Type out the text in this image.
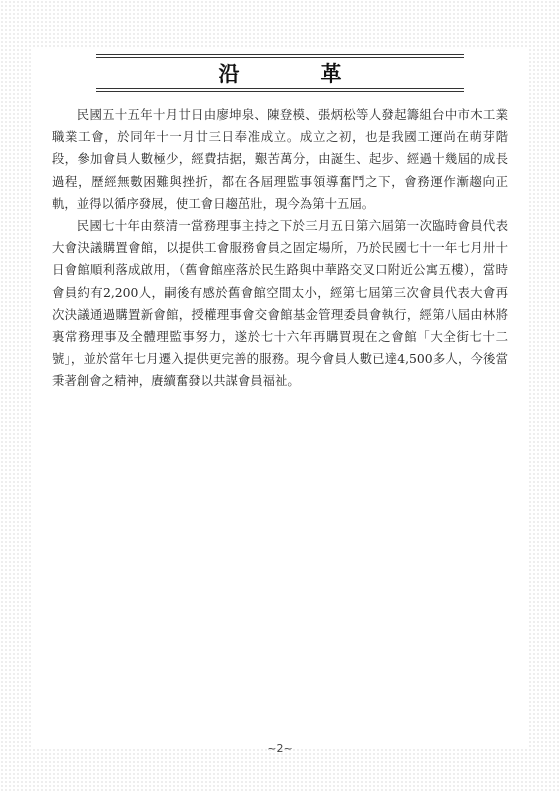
沿　革

民國五十五年十月廿日由廖坤泉、陳登模、張炳松等人發起籌組台中市木工業職業工會，於同年十一月廿三日奉准成立。成立之初，也是我國工運尚在萌芽階段，參加會員人數極少，經費拮据，艱苦萬分，由誕生、起步、經過十幾屆的成長過程，歷經無數困難與挫折，都在各屆理監事領導奮鬥之下，會務運作漸趨向正軌，並得以循序發展，使工會日趨茁壯，現今為第十五屆。

民國七十年由蔡清一當務理事主持之下於三月五日第六屆第一次臨時會員代表大會決議購置會館，以提供工會服務會員之固定場所，乃於民國七十一年七月卅十日會館順利落成啟用，（舊會館座落於民生路與中華路交叉口附近公寓五樓），當時會員約有2,200人，嗣後有感於舊會館空間太小，經第七屆第三次會員代表大會再次決議通過購置新會館，授權理事會交會館基金管理委員會執行，經第八屆由林將裏常務理事及全體理監事努力，遂於七十六年再購買現在之會館「大全街七十二號」，並於當年七月遷入提供更完善的服務。現今會員人數已達4,500多人，今後當秉著創會之精神，賡續奮發以共謀會員福祉。

~2~
